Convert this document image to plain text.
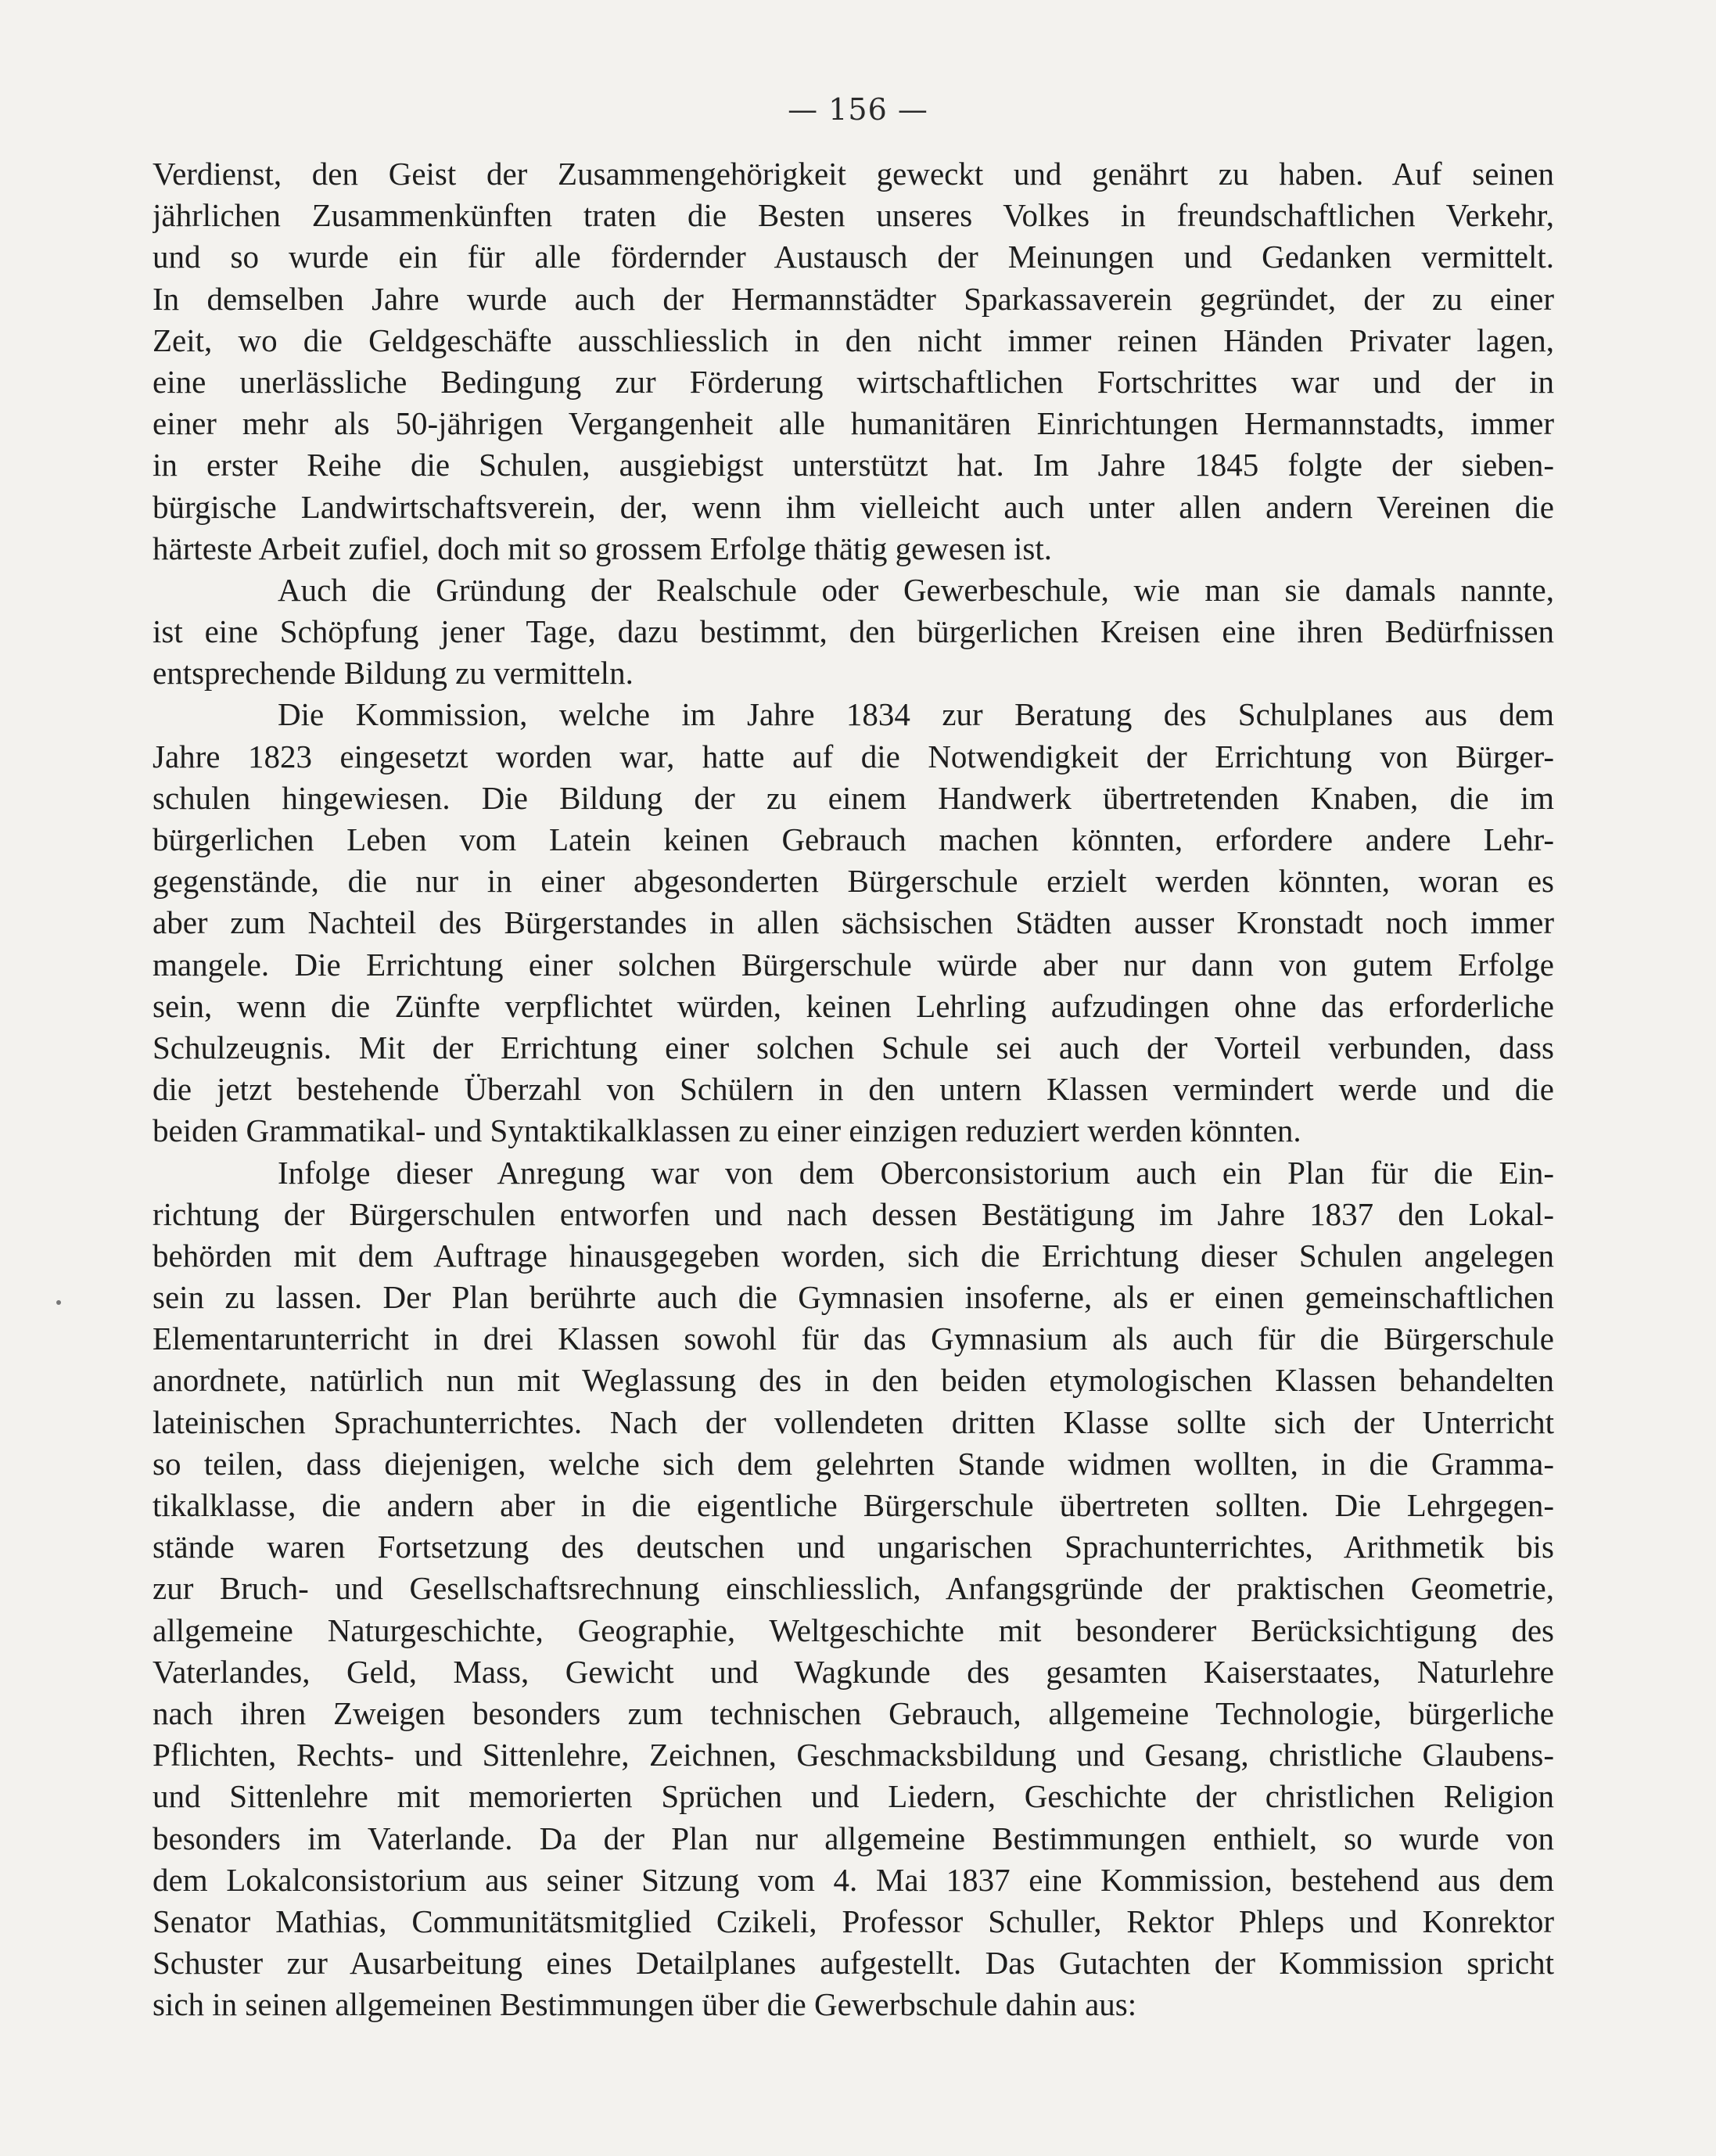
— 156 —
Verdienst, den Geist der Zusammengehörigkeit geweckt und genährt zu haben. Auf seinen
jährlichen Zusammenkünften traten die Besten unseres Volkes in freundschaftlichen Verkehr,
und so wurde ein für alle fördernder Austausch der Meinungen und Gedanken vermittelt.
In demselben Jahre wurde auch der Hermannstädter Sparkassaverein gegründet, der zu einer
Zeit, wo die Geldgeschäfte ausschliesslich in den nicht immer reinen Händen Privater lagen,
eine unerlässliche Bedingung zur Förderung wirtschaftlichen Fortschrittes war und der in
einer mehr als 50-jährigen Vergangenheit alle humanitären Einrichtungen Hermannstadts, immer
in erster Reihe die Schulen, ausgiebigst unterstützt hat. Im Jahre 1845 folgte der sieben-
bürgische Landwirtschaftsverein, der, wenn ihm vielleicht auch unter allen andern Vereinen die
härteste Arbeit zufiel, doch mit so grossem Erfolge thätig gewesen ist.
Auch die Gründung der Realschule oder Gewerbeschule, wie man sie damals nannte,
ist eine Schöpfung jener Tage, dazu bestimmt, den bürgerlichen Kreisen eine ihren Bedürfnissen
entsprechende Bildung zu vermitteln.
Die Kommission, welche im Jahre 1834 zur Beratung des Schulplanes aus dem
Jahre 1823 eingesetzt worden war, hatte auf die Notwendigkeit der Errichtung von Bürger-
schulen hingewiesen. Die Bildung der zu einem Handwerk übertretenden Knaben, die im
bürgerlichen Leben vom Latein keinen Gebrauch machen könnten, erfordere andere Lehr-
gegenstände, die nur in einer abgesonderten Bürgerschule erzielt werden könnten, woran es
aber zum Nachteil des Bürgerstandes in allen sächsischen Städten ausser Kronstadt noch immer
mangele. Die Errichtung einer solchen Bürgerschule würde aber nur dann von gutem Erfolge
sein, wenn die Zünfte verpflichtet würden, keinen Lehrling aufzudingen ohne das erforderliche
Schulzeugnis. Mit der Errichtung einer solchen Schule sei auch der Vorteil verbunden, dass
die jetzt bestehende Überzahl von Schülern in den untern Klassen vermindert werde und die
beiden Grammatikal- und Syntaktikalklassen zu einer einzigen reduziert werden könnten.
Infolge dieser Anregung war von dem Oberconsistorium auch ein Plan für die Ein-
richtung der Bürgerschulen entworfen und nach dessen Bestätigung im Jahre 1837 den Lokal-
behörden mit dem Auftrage hinausgegeben worden, sich die Errichtung dieser Schulen angelegen
sein zu lassen. Der Plan berührte auch die Gymnasien insoferne, als er einen gemeinschaftlichen
Elementarunterricht in drei Klassen sowohl für das Gymnasium als auch für die Bürgerschule
anordnete, natürlich nun mit Weglassung des in den beiden etymologischen Klassen behandelten
lateinischen Sprachunterrichtes. Nach der vollendeten dritten Klasse sollte sich der Unterricht
so teilen, dass diejenigen, welche sich dem gelehrten Stande widmen wollten, in die Gramma-
tikalklasse, die andern aber in die eigentliche Bürgerschule übertreten sollten. Die Lehrgegen-
stände waren Fortsetzung des deutschen und ungarischen Sprachunterrichtes, Arithmetik bis
zur Bruch- und Gesellschaftsrechnung einschliesslich, Anfangsgründe der praktischen Geometrie,
allgemeine Naturgeschichte, Geographie, Weltgeschichte mit besonderer Berücksichtigung des
Vaterlandes, Geld, Mass, Gewicht und Wagkunde des gesamten Kaiserstaates, Naturlehre
nach ihren Zweigen besonders zum technischen Gebrauch, allgemeine Technologie, bürgerliche
Pflichten, Rechts- und Sittenlehre, Zeichnen, Geschmacksbildung und Gesang, christliche Glaubens-
und Sittenlehre mit memorierten Sprüchen und Liedern, Geschichte der christlichen Religion
besonders im Vaterlande. Da der Plan nur allgemeine Bestimmungen enthielt, so wurde von
dem Lokalconsistorium aus seiner Sitzung vom 4. Mai 1837 eine Kommission, bestehend aus dem
Senator Mathias, Communitätsmitglied Czikeli, Professor Schuller, Rektor Phleps und Konrektor
Schuster zur Ausarbeitung eines Detailplanes aufgestellt. Das Gutachten der Kommission spricht
sich in seinen allgemeinen Bestimmungen über die Gewerbschule dahin aus:
